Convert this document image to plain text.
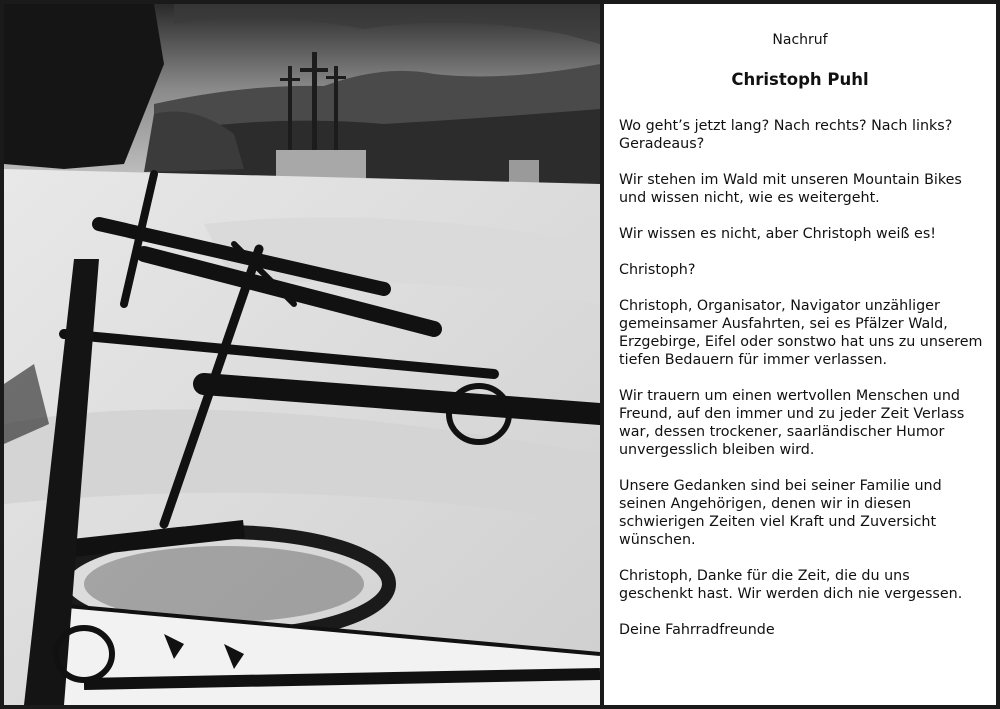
Nachruf
Christoph Puhl

Wo geht’s jetzt lang? Nach rechts? Nach links? Geradeaus?

Wir stehen im Wald mit unseren Mountain Bikes und wissen nicht, wie es weitergeht.

Wir wissen es nicht, aber Christoph weiß es!

Christoph?

Christoph, Organisator, Navigator unzähliger gemeinsamer Ausfahrten, sei es Pfälzer Wald, Erzgebirge, Eifel oder sonstwo hat uns zu unserem tiefen Bedauern für immer verlassen.

Wir trauern um einen wertvollen Menschen und Freund, auf den immer und zu jeder Zeit Verlass war, dessen trockener, saarländischer Humor unvergesslich bleiben wird.

Unsere Gedanken sind bei seiner Familie und seinen Angehörigen, denen wir in diesen schwierigen Zeiten viel Kraft und Zuversicht wünschen.

Christoph, Danke für die Zeit, die du uns geschenkt hast. Wir werden dich nie vergessen.

Deine Fahrradfreunde
